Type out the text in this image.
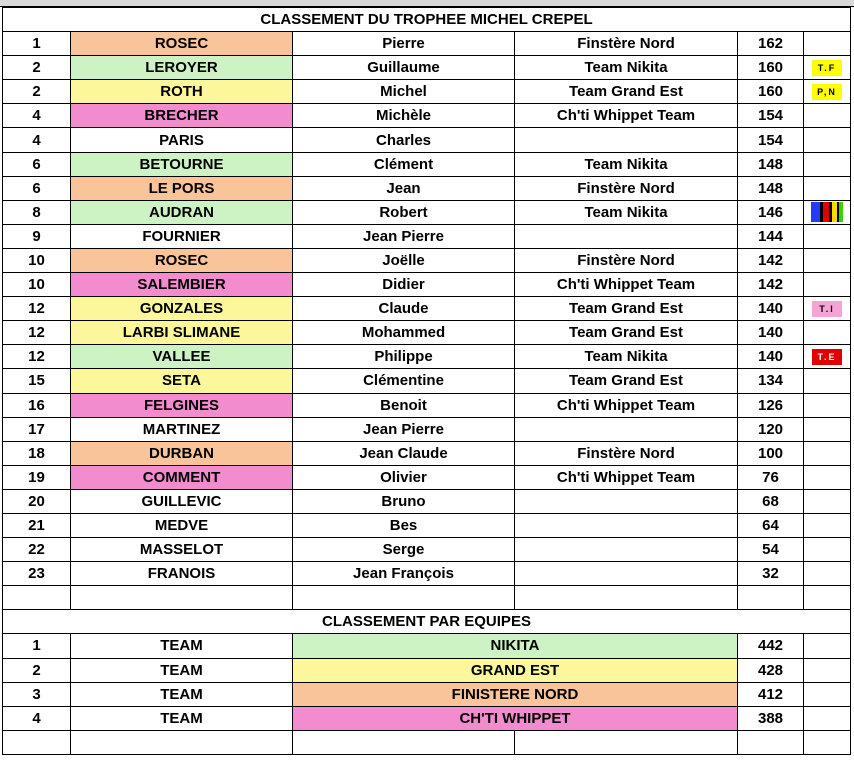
CLASSEMENT DU TROPHEE MICHEL CREPEL					
1	ROSEC	Pierre	Finstère Nord	162	
2	LEROYER	Guillaume	Team Nikita	160	T.F
2	ROTH	Michel	Team Grand Est	160	P,N
4	BRECHER	Michèle	Ch'ti Whippet Team	154	
4	PARIS	Charles		154	
6	BETOURNE	Clément	Team Nikita	148	
6	LE PORS	Jean	Finstère Nord	148	
8	AUDRAN	Robert	Team Nikita	146	
9	FOURNIER	Jean Pierre		144	
10	ROSEC	Joëlle	Finstère Nord	142	
10	SALEMBIER	Didier	Ch'ti Whippet Team	142	
12	GONZALES	Claude	Team Grand Est	140	T.I
12	LARBI SLIMANE	Mohammed	Team Grand Est	140	
12	VALLEE	Philippe	Team Nikita	140	T.E
15	SETA	Clémentine	Team Grand Est	134	
16	FELGINES	Benoit	Ch'ti Whippet Team	126	
17	MARTINEZ	Jean Pierre		120	
18	DURBAN	Jean Claude	Finstère Nord	100	
19	COMMENT	Olivier	Ch'ti Whippet Team	76	
20	GUILLEVIC	Bruno		68	
21	MEDVE	Bes		64	
22	MASSELOT	Serge		54	
23	FRANOIS	Jean François		32	

CLASSEMENT PAR EQUIPES					
1	TEAM	NIKITA		442	
2	TEAM	GRAND EST		428	
3	TEAM	FINISTERE NORD		412	
4	TEAM	CH'TI WHIPPET		388	
